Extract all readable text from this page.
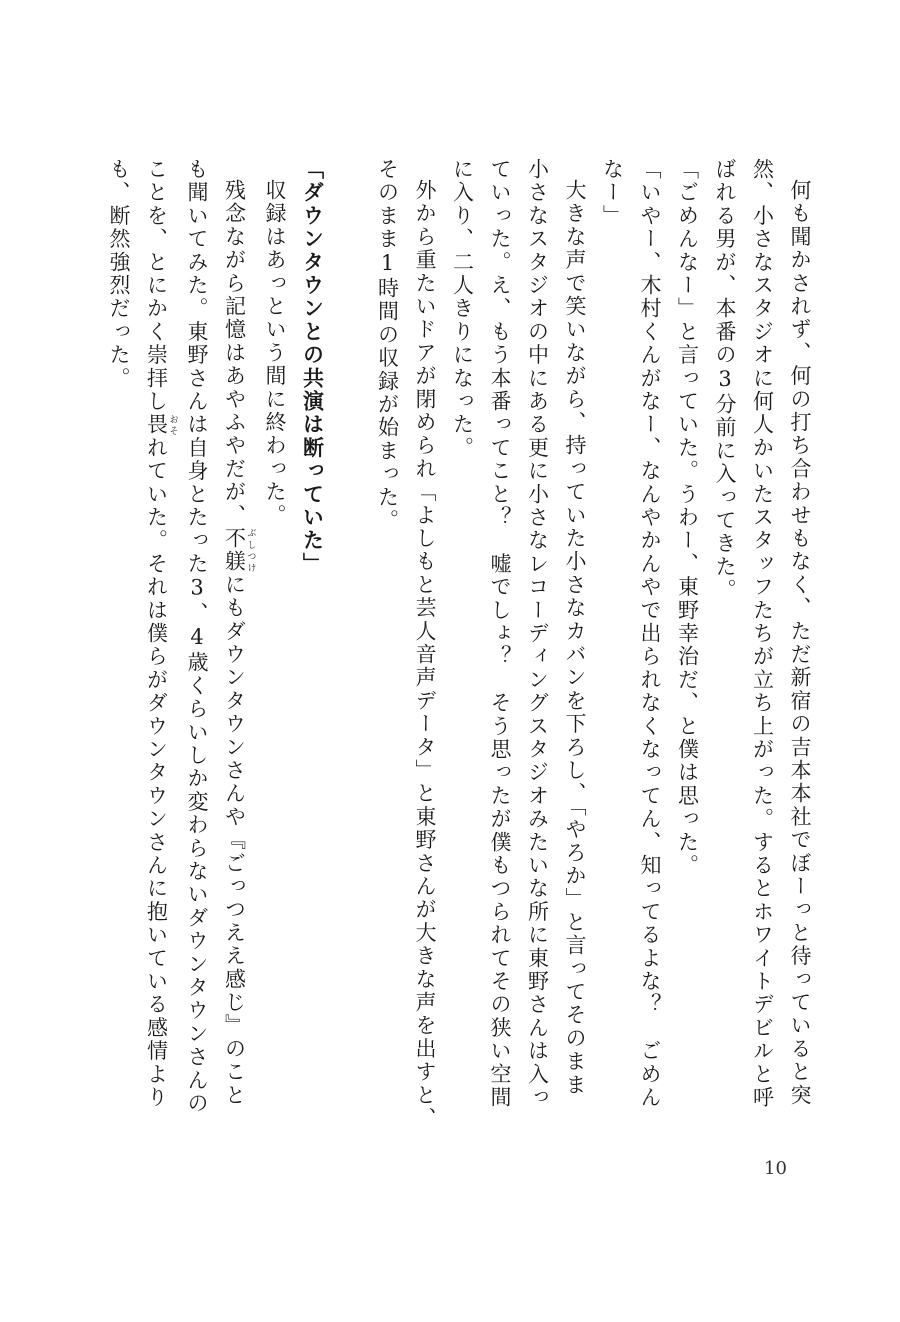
何も聞かされず、何の打ち合わせもなく、ただ新宿の吉本本社でぼーっと待っていると突

然、小さなスタジオに何人かいたスタッフたちが立ち上がった。するとホワイトデビルと呼

ばれる男が、本番の3分前に入ってきた。

「ごめんなー」と言っていた。うわー、東野幸治だ、と僕は思った。

「いやー、木村くんがなー、なんやかんやで出られなくなってん、知ってるよな？　ごめん

なー」

大きな声で笑いながら、持っていた小さなカバンを下ろし、「やろか」と言ってそのまま

小さなスタジオの中にある更に小さなレコーディングスタジオみたいな所に東野さんは入っ

ていった。え、もう本番ってこと？　嘘でしょ？　そう思ったが僕もつられてその狭い空間

に入り、二人きりになった。

外から重たいドアが閉められ「よしもと芸人音声データ」と東野さんが大きな声を出すと、

そのまま1時間の収録が始まった。

「ダウンタウンとの共演は断っていた」

収録はあっという間に終わった。

残念ながら記憶はあやふやだが、不躾 ぶしつけにもダウンタウンさんや『ごっつええ感じ』のこと

も聞いてみた。東野さんは自身とたった3、4歳くらいしか変わらないダウンタウンさんの

ことを、とにかく崇拝し畏 おそれていた。それは僕らがダウンタウンさんに抱いている感情より

も、断然強烈だった。

10
